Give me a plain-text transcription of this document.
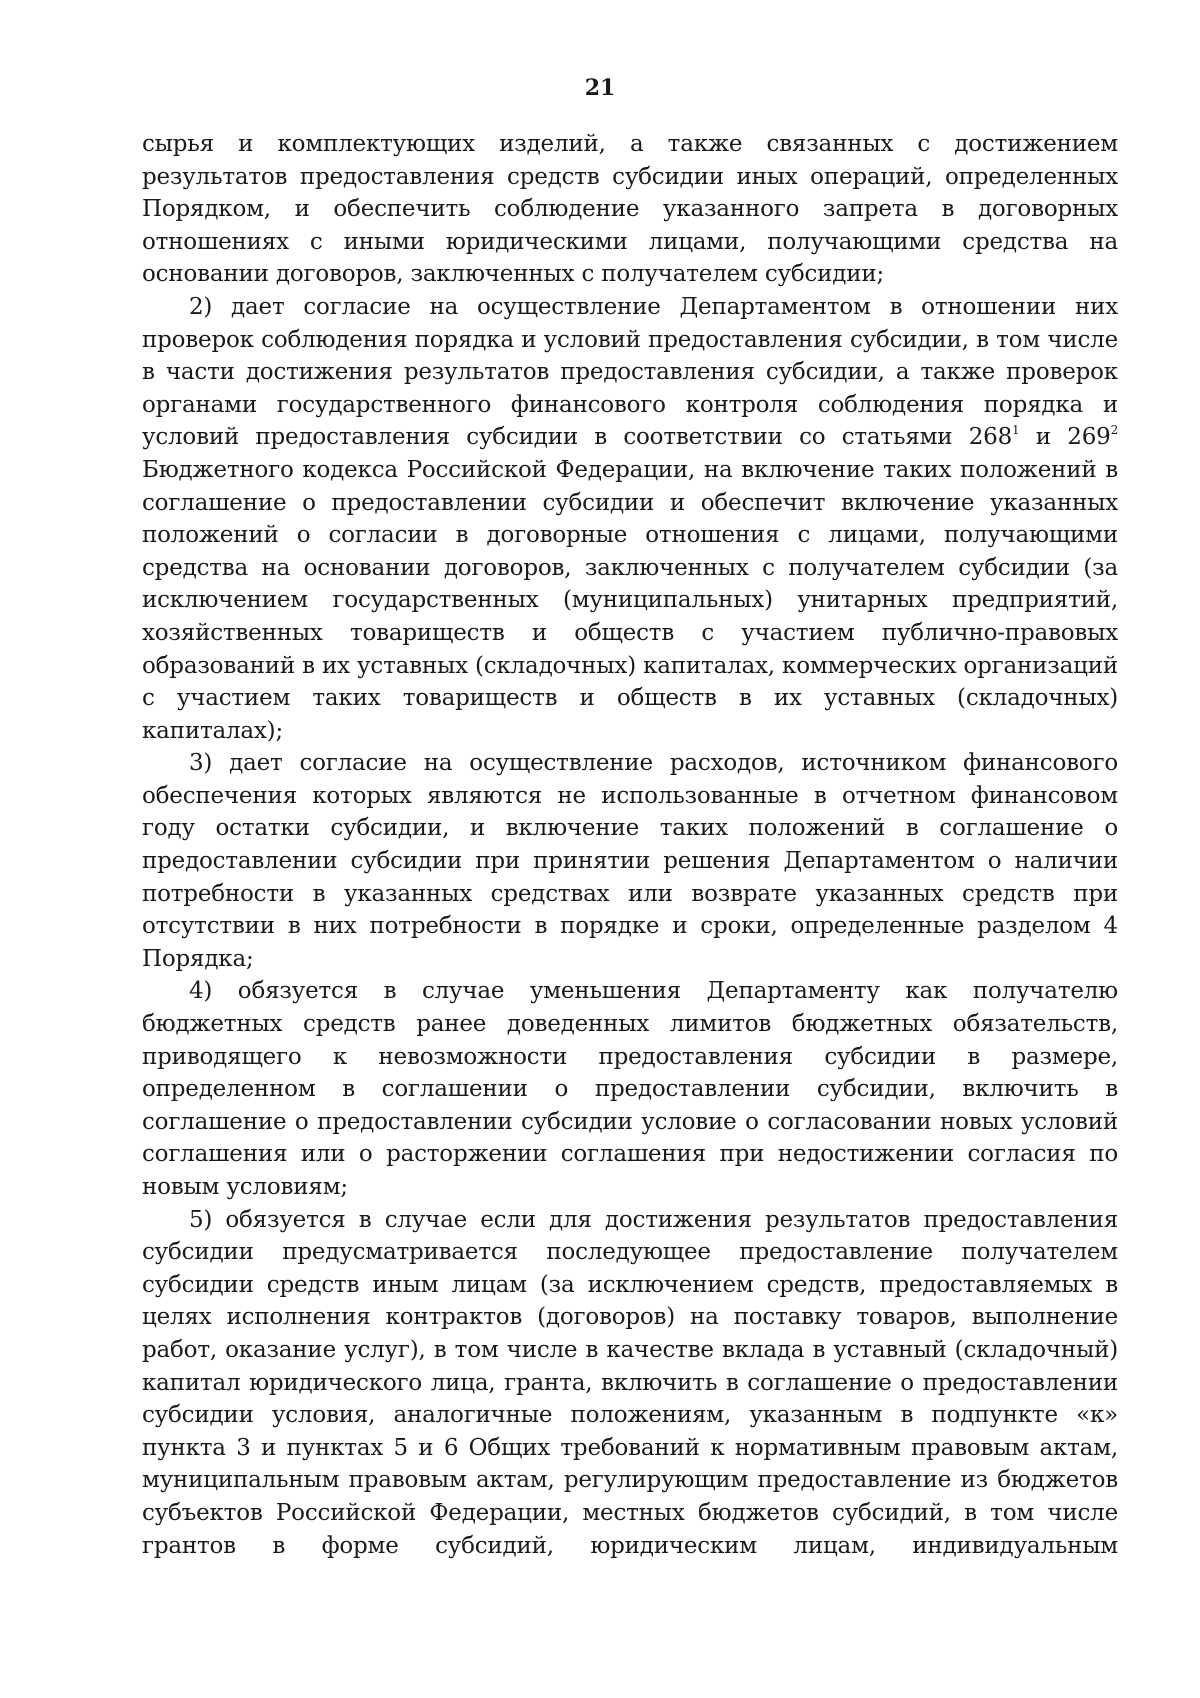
21

сырья и комплектующих изделий, а также связанных с достижением результатов предоставления средств субсидии иных операций, определенных Порядком, и обеспечить соблюдение указанного запрета в договорных отношениях с иными юридическими лицами, получающими средства на основании договоров, заключенных с получателем субсидии;

2) дает согласие на осуществление Департаментом в отношении них проверок соблюдения порядка и условий предоставления субсидии, в том числе в части достижения результатов предоставления субсидии, а также проверок органами государственного финансового контроля соблюдения порядка и условий предоставления субсидии в соответствии со статьями $268^1$ и $269^2$ Бюджетного кодекса Российской Федерации, на включение таких положений в соглашение о предоставлении субсидии и обеспечит включение указанных положений о согласии в договорные отношения с лицами, получающими средства на основании договоров, заключенных с получателем субсидии (за исключением государственных (муниципальных) унитарных предприятий, хозяйственных товариществ и обществ с участием публично-правовых образований в их уставных (складочных) капиталах, коммерческих организаций с участием таких товариществ и обществ в их уставных (складочных) капиталах);

3) дает согласие на осуществление расходов, источником финансового обеспечения которых являются не использованные в отчетном финансовом году остатки субсидии, и включение таких положений в соглашение о предоставлении субсидии при принятии решения Департаментом о наличии потребности в указанных средствах или возврате указанных средств при отсутствии в них потребности в порядке и сроки, определенные разделом 4 Порядка;

4) обязуется в случае уменьшения Департаменту как получателю бюджетных средств ранее доведенных лимитов бюджетных обязательств, приводящего к невозможности предоставления субсидии в размере, определенном в соглашении о предоставлении субсидии, включить в соглашение о предоставлении субсидии условие о согласовании новых условий соглашения или о расторжении соглашения при недостижении согласия по новым условиям;

5) обязуется в случае если для достижения результатов предоставления субсидии предусматривается последующее предоставление получателем субсидии средств иным лицам (за исключением средств, предоставляемых в целях исполнения контрактов (договоров) на поставку товаров, выполнение работ, оказание услуг), в том числе в качестве вклада в уставный (складочный) капитал юридического лица, гранта, включить в соглашение о предоставлении субсидии условия, аналогичные положениям, указанным в подпункте «к» пункта 3 и пунктах 5 и 6 Общих требований к нормативным правовым актам, муниципальным правовым актам, регулирующим предоставление из бюджетов субъектов Российской Федерации, местных бюджетов субсидий, в том числе грантов в форме субсидий, юридическим лицам, индивидуальным
